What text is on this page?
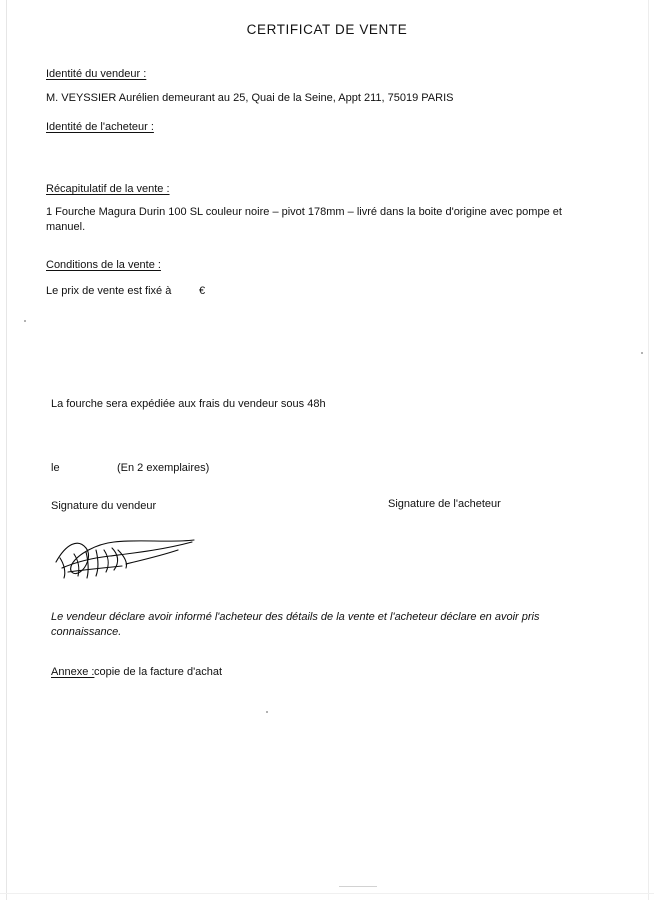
CERTIFICAT DE VENTE
Identité du vendeur :
M. VEYSSIER Aurélien demeurant au 25, Quai de la Seine, Appt 211, 75019 PARIS
Identité de l'acheteur :
Récapitulatif de la vente :
1 Fourche Magura Durin 100 SL couleur noire – pivot 178mm – livré dans la boite d'origine avec pompe et manuel.
Conditions de la vente :
Le prix de vente est fixé à	€
La fourche sera expédiée aux frais du vendeur sous 48h
le	(En 2 exemplaires)
Signature du vendeur	Signature de l'acheteur
Le vendeur déclare avoir informé l'acheteur des détails de la vente et l'acheteur déclare en avoir pris connaissance.
Annexe : copie de la facture d'achat
